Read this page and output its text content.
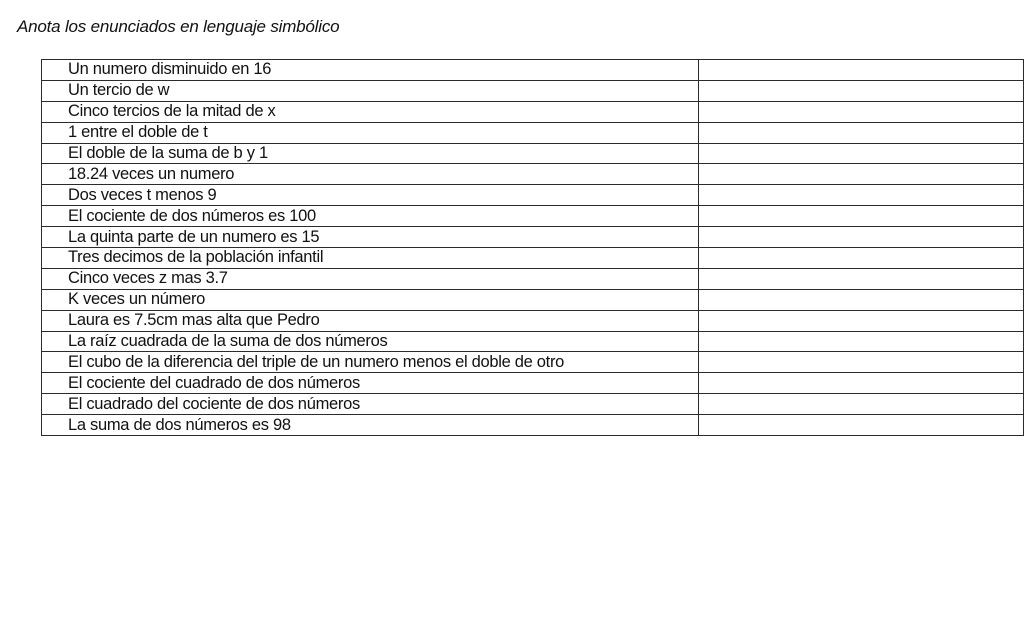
Anota los enunciados en lenguaje simbólico
Un numero disminuido en 16	
Un tercio de w	
Cinco tercios de la mitad de x	
1 entre el doble de t	
El doble de la suma de b y 1	
18.24 veces un numero	
Dos veces t menos 9	
El cociente de dos números es 100	
La quinta parte de un numero es 15	
Tres decimos de la población infantil	
Cinco veces z mas 3.7	
K veces un número	
Laura es 7.5cm mas alta que Pedro	
La raíz cuadrada de la suma de dos números	
El cubo de la diferencia del triple de un numero menos el doble de otro	
El cociente del cuadrado de dos números	
El cuadrado del cociente de dos números	
La suma de dos números es 98	
